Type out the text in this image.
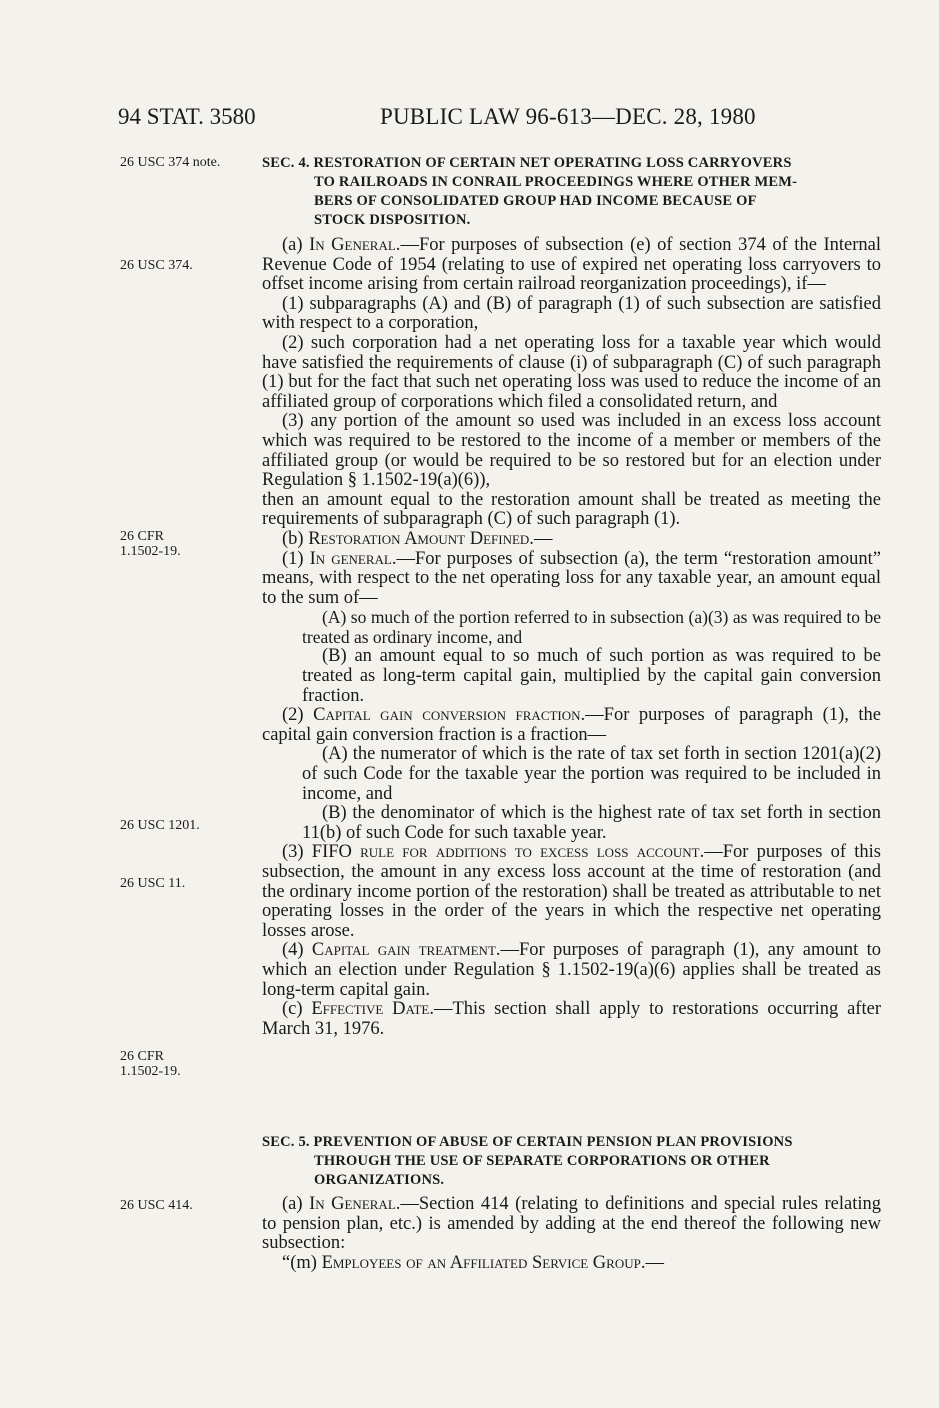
94 STAT. 3580	PUBLIC LAW 96-613—DEC. 28, 1980
26 USC 374 note.
26 USC 374.
26 CFR
1.1502-19.
26 USC 1201.
26 USC 11.
26 CFR
1.1502-19.
26 USC 414.
SEC. 4. RESTORATION OF CERTAIN NET OPERATING LOSS CARRYOVERS
TO RAILROADS IN CONRAIL PROCEEDINGS WHERE OTHER MEM-
BERS OF CONSOLIDATED GROUP HAD INCOME BECAUSE OF
STOCK DISPOSITION.

(a) In General.—For purposes of subsection (e) of section 374 of the Internal Revenue Code of 1954 (relating to use of expired net operating loss carryovers to offset income arising from certain railroad reorganization proceedings), if—

(1) subparagraphs (A) and (B) of paragraph (1) of such subsection are satisfied with respect to a corporation,

(2) such corporation had a net operating loss for a taxable year which would have satisfied the requirements of clause (i) of subparagraph (C) of such paragraph (1) but for the fact that such net operating loss was used to reduce the income of an affiliated group of corporations which filed a consolidated return, and

(3) any portion of the amount so used was included in an excess loss account which was required to be restored to the income of a member or members of the affiliated group (or would be required to be so restored but for an election under Regulation § 1.1502-19(a)(6)),

then an amount equal to the restoration amount shall be treated as meeting the requirements of subparagraph (C) of such paragraph (1).

(b) Restoration Amount Defined.—

(1) In general.—For purposes of subsection (a), the term “restoration amount” means, with respect to the net operating loss for any taxable year, an amount equal to the sum of—

(A) so much of the portion referred to in subsection (a)(3) as was required to be treated as ordinary income, and

(B) an amount equal to so much of such portion as was required to be treated as long-term capital gain, multiplied by the capital gain conversion fraction.

(2) Capital gain conversion fraction.—For purposes of paragraph (1), the capital gain conversion fraction is a fraction—

(A) the numerator of which is the rate of tax set forth in section 1201(a)(2) of such Code for the taxable year the portion was required to be included in income, and

(B) the denominator of which is the highest rate of tax set forth in section 11(b) of such Code for such taxable year.

(3) FIFO rule for additions to excess loss account.—For purposes of this subsection, the amount in any excess loss account at the time of restoration (and the ordinary income portion of the restoration) shall be treated as attributable to net operating losses in the order of the years in which the respective net operating losses arose.

(4) Capital gain treatment.—For purposes of paragraph (1), any amount to which an election under Regulation § 1.1502-19(a)(6) applies shall be treated as long-term capital gain.

(c) Effective Date.—This section shall apply to restorations occurring after March 31, 1976.

SEC. 5. PREVENTION OF ABUSE OF CERTAIN PENSION PLAN PROVISIONS
THROUGH THE USE OF SEPARATE CORPORATIONS OR OTHER
ORGANIZATIONS.

(a) In General.—Section 414 (relating to definitions and special rules relating to pension plan, etc.) is amended by adding at the end thereof the following new subsection:

“(m) Employees of an Affiliated Service Group.—
